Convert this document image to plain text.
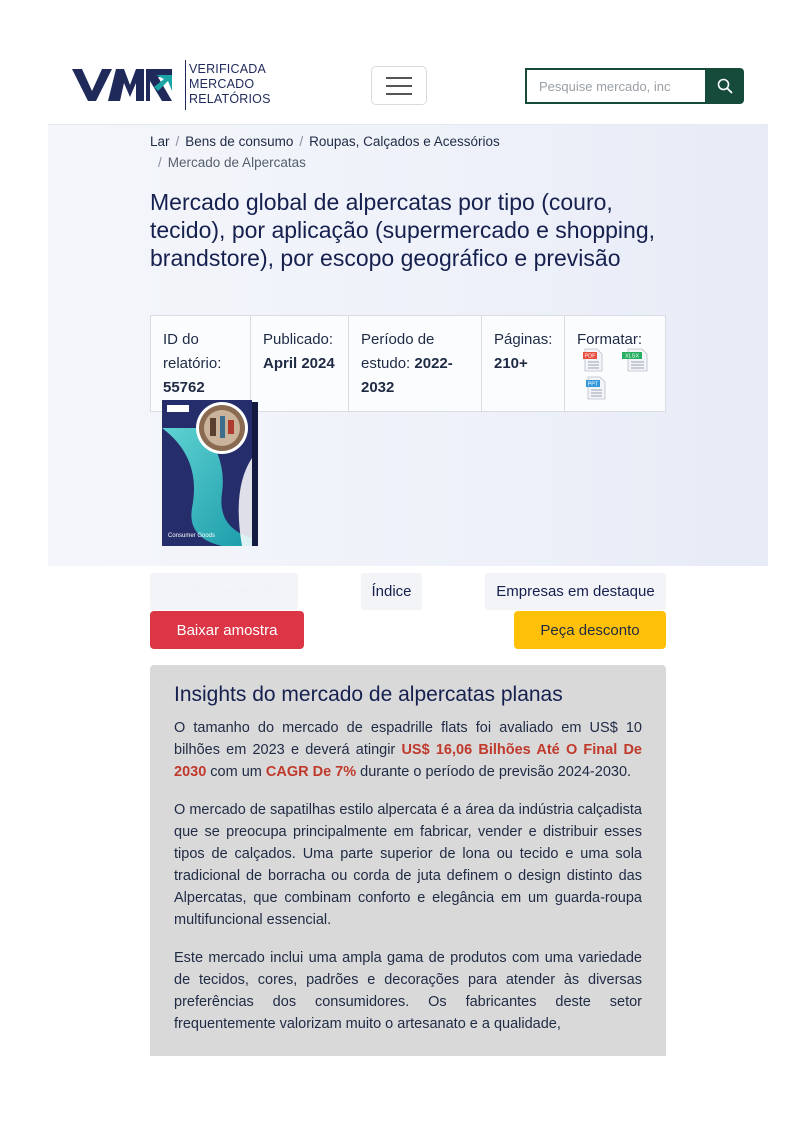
VERIFICADA
MERCADO
RELATÓRIOS
Pesquise mercado, inc
Lar / Bens de consumo / Roupas, Calçados e Acessórios
/ Mercado de Alpercatas
Mercado global de alpercatas por tipo (couro, tecido), por aplicação (supermercado e shopping, brandstore), por escopo geográfico e previsão
ID do relatório:
55762
Publicado:
April 2024
Período de estudo: 2022-2032
Páginas:
210+
Formatar:
PDF	XLSX
PPT
Consumer Goods
Sumário executivo	Índice	Empresas em destaque
Baixar amostra	Peça desconto
Insights do mercado de alpercatas planas

O tamanho do mercado de espadrille flats foi avaliado em US$ 10 bilhões em 2023 e deverá atingir US$ 16,06 Bilhões Até O Final De 2030 com um CAGR De 7% durante o período de previsão 2024-2030.

O mercado de sapatilhas estilo alpercata é a área da indústria calçadista que se preocupa principalmente em fabricar, vender e distribuir esses tipos de calçados. Uma parte superior de lona ou tecido e uma sola tradicional de borracha ou corda de juta definem o design distinto das Alpercatas, que combinam conforto e elegância em um guarda-roupa multifuncional essencial.

Este mercado inclui uma ampla gama de produtos com uma variedade de tecidos, cores, padrões e decorações para atender às diversas preferências dos consumidores. Os fabricantes deste setor frequentemente valorizam muito o artesanato e a qualidade,
